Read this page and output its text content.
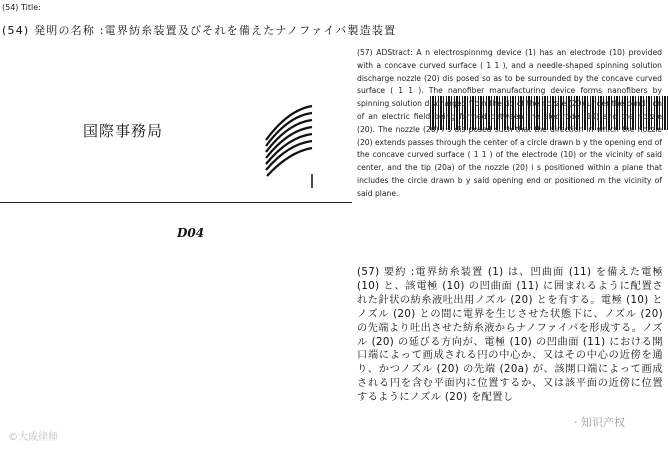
(54) Title:
(54) 発明の名称 :電界紡糸装置及びそれを備えたナノファイバ製造装置
国際事務局
D04
(57) ADStract: A n electrospinnmg device (1) has an electrode (10) provided with a concave curved surface ( 1 1 ), and a needle-shaped spinning solution discharge nozzle (20) dis posed so as to be surrounded by the concave curved surface ( 1 1 ). The nanofiber manufacturing device forms nanofibers by spinning solution discharged from the tip of the nozzle (20) under the condition of an electric field being formed between the electrode (10) and the nozzle (20). The nozzle (20) i s dis posed such that the direction in which the nozzle (20) extends passes through the center of a circle drawn b y the opening end of the concave curved surface ( 1 1 ) of the electrode (10) or the vicinity of said center, and the tip (20a) of the nozzle (20) i s positioned within a plane that includes the circle drawn b y said opening end or positioned m the vicinity of said plane.
(57) 要約 :電界紡糸装置 (1) は、凹曲面 (11) を備えた電極 (10) と、該電極 (10) の凹曲面 (11) に囲まれるように配置された針状の紡糸液吐出用ノズル (20) とを有する。電極 (10) とノズル (20) との間に電界を生じさせた状態下に、ノズル (20) の先端より吐出させた紡糸液からナノファイバを形成する。ノズル (20) の延びる方向が、電極 (10) の凹曲面 (11) における開口端によって画成される円の中心か、又はその中心の近傍を通り、かつノズル (20) の先端 (20a) が、該開口端によって画成される円を含む平面内に位置するか、又は該平面の近傍に位置するようにノズル (20) を配置し
©大成律师
· 知识产权
